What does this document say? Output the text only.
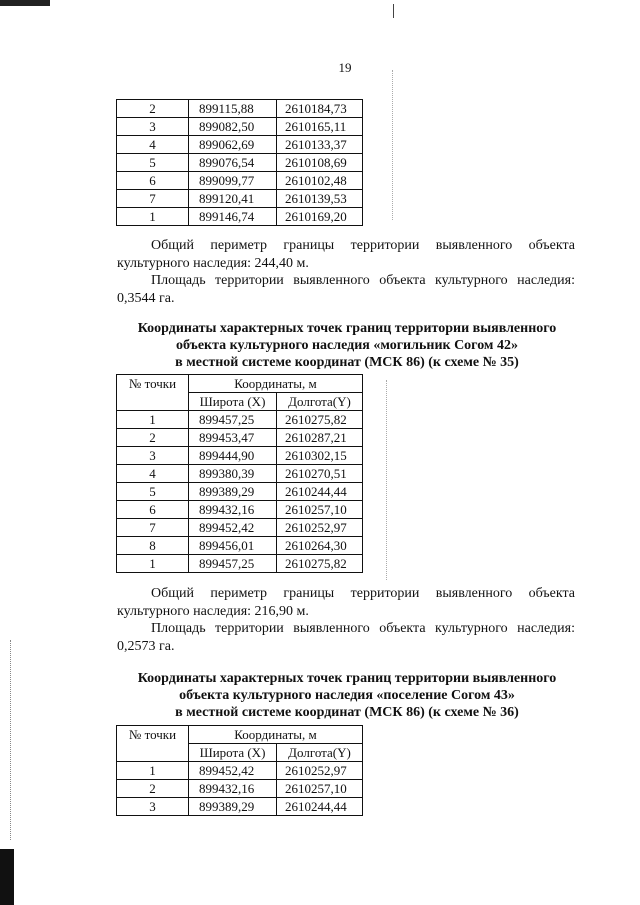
19
2	899115,88	2610184,73
3	899082,50	2610165,11
4	899062,69	2610133,37
5	899076,54	2610108,69
6	899099,77	2610102,48
7	899120,41	2610139,53
1	899146,74	2610169,20

Общий периметр границы территории выявленного объекта

культурного наследия: 244,40 м.

Площадь территории выявленного объекта культурного наследия:

0,3544 га.

Координаты характерных точек границ территории выявленного
объекта культурного наследия «могильник Согом 42»
в местной системе координат (МСК 86) (к схеме № 35)

№ точки	Координаты, м	
	Широта (X)	Долгота(Y)
1	899457,25	2610275,82
2	899453,47	2610287,21
3	899444,90	2610302,15
4	899380,39	2610270,51
5	899389,29	2610244,44
6	899432,16	2610257,10
7	899452,42	2610252,97
8	899456,01	2610264,30
1	899457,25	2610275,82

Общий периметр границы территории выявленного объекта

культурного наследия: 216,90 м.

Площадь территории выявленного объекта культурного наследия:

0,2573 га.

Координаты характерных точек границ территории выявленного
объекта культурного наследия «поселение Согом 43»
в местной системе координат (МСК 86) (к схеме № 36)

№ точки	Координаты, м	
	Широта (X)	Долгота(Y)
1	899452,42	2610252,97
2	899432,16	2610257,10
3	899389,29	2610244,44
